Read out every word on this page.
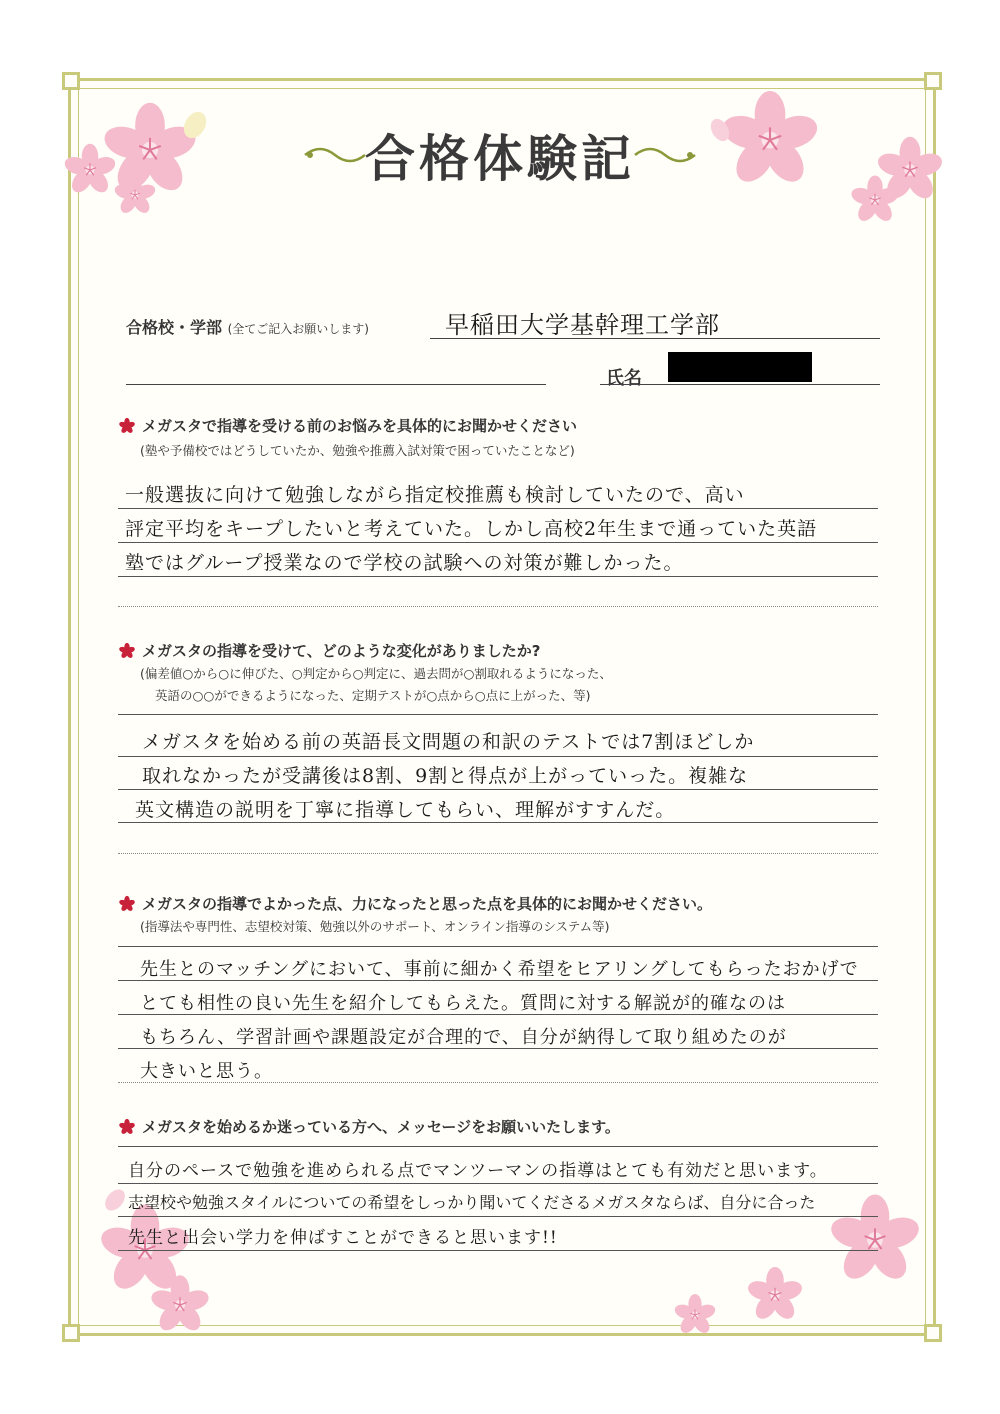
合格体験記
合格校・学部 (全てご記入お願いします)	早稲田大学基幹理工学部
氏名
メガスタで指導を受ける前のお悩みを具体的にお聞かせください
(塾や予備校ではどうしていたか、勉強や推薦入試対策で困っていたことなど)
一般選抜に向けて勉強しながら指定校推薦も検討していたので、高い
評定平均をキープしたいと考えていた。しかし高校2年生まで通っていた英語
塾ではグループ授業なので学校の試験への対策が難しかった。
メガスタの指導を受けて、どのような変化がありましたか?
(偏差値○から○に伸びた、○判定から○判定に、過去問が○割取れるようになった、
英語の○○ができるようになった、定期テストが○点から○点に上がった、等)
メガスタを始める前の英語長文問題の和訳のテストでは7割ほどしか
取れなかったが受講後は8割、9割と得点が上がっていった。複雑な
英文構造の説明を丁寧に指導してもらい、理解がすすんだ。
メガスタの指導でよかった点、力になったと思った点を具体的にお聞かせください。
(指導法や専門性、志望校対策、勉強以外のサポート、オンライン指導のシステム等)
先生とのマッチングにおいて、事前に細かく希望をヒアリングしてもらったおかげで
とても相性の良い先生を紹介してもらえた。質問に対する解説が的確なのは
もちろん、学習計画や課題設定が合理的で、自分が納得して取り組めたのが
大きいと思う。
メガスタを始めるか迷っている方へ、メッセージをお願いいたします。
自分のペースで勉強を進められる点でマンツーマンの指導はとても有効だと思います。
志望校や勉強スタイルについての希望をしっかり聞いてくださるメガスタならば、自分に合った
先生と出会い学力を伸ばすことができると思います!!
